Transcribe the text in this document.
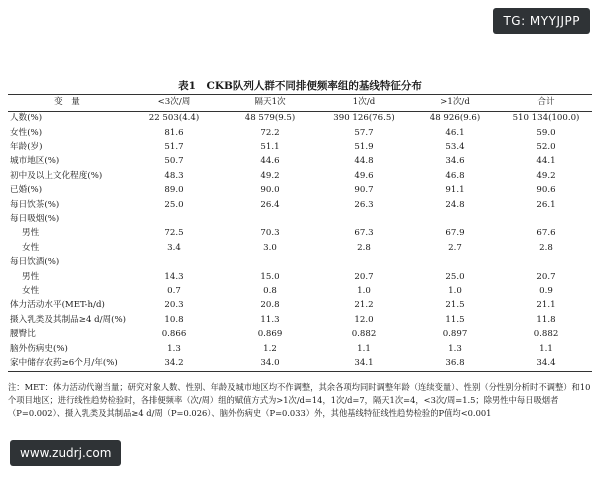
TG: MYYJJPP
表1　CKB队列人群不同排便频率组的基线特征分布
变　量	<3次/周	隔天1次	1次/d	>1次/d	合计
人数(%)	22 503(4.4)	48 579(9.5)	390 126(76.5)	48 926(9.6)	510 134(100.0)
女性(%)	81.6	72.2	57.7	46.1	59.0
年龄(岁)	51.7	51.1	51.9	53.4	52.0
城市地区(%)	50.7	44.6	44.8	34.6	44.1
初中及以上文化程度(%)	48.3	49.2	49.6	46.8	49.2
已婚(%)	89.0	90.0	90.7	91.1	90.6
每日饮茶(%)	25.0	26.4	26.3	24.8	26.1
每日吸烟(%)					
男性	72.5	70.3	67.3	67.9	67.6
女性	3.4	3.0	2.8	2.7	2.8
每日饮酒(%)					
男性	14.3	15.0	20.7	25.0	20.7
女性	0.7	0.8	1.0	1.0	0.9
体力活动水平(MET-h/d)	20.3	20.8	21.2	21.5	21.1
摄入乳类及其制品≥4 d/周(%)	10.8	11.3	12.0	11.5	11.8
腰臀比	0.866	0.869	0.882	0.897	0.882
脑外伤病史(%)	1.3	1.2	1.1	1.3	1.1
家中储存农药≥6个月/年(%)	34.2	34.0	34.1	36.8	34.4
注：MET：体力活动代谢当量；研究对象人数、性别、年龄及城市地区均不作调整，其余各项均同时调整年龄（连续变量）、性别（分性别分析时不调整）和10个项目地区；进行线性趋势检验时，各排便频率（次/周）组的赋值方式为>1次/d=14，1次/d=7，隔天1次=4，<3次/周=1.5；除男性中每日吸烟者（P=0.002）、摄入乳类及其制品≥4 d/周（P=0.026）、脑外伤病史（P=0.033）外，其他基线特征线性趋势检验的P值均<0.001
www.zudrj.com
